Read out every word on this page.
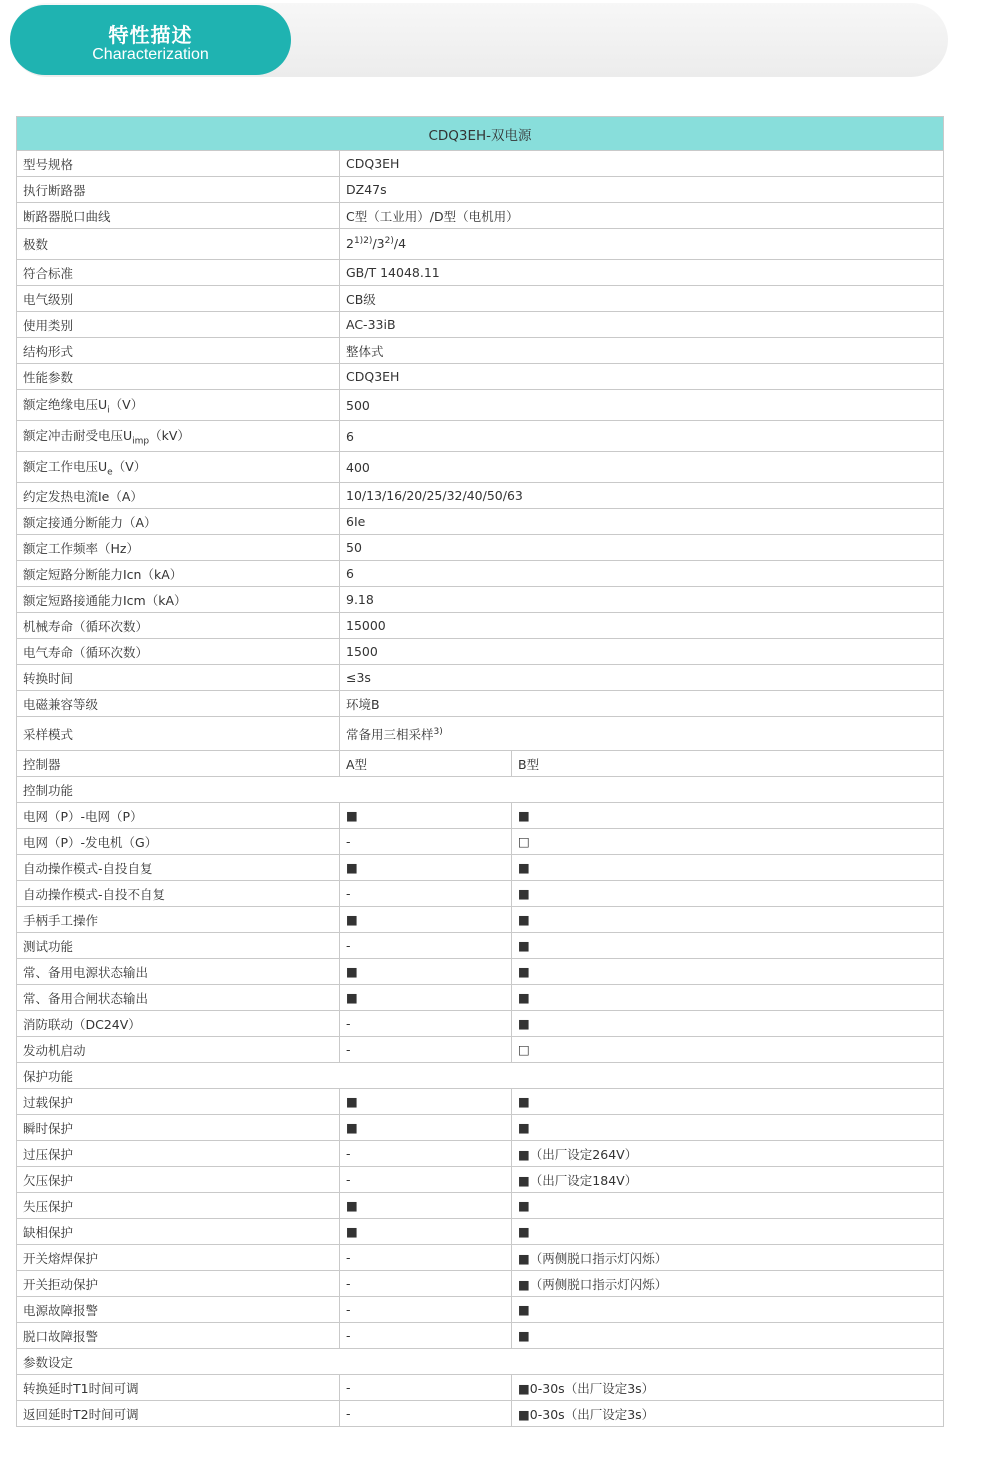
特性描述
Characterization
CDQ3EH-双电源		
型号规格	CDQ3EH	
执行断路器	DZ47s	
断路器脱口曲线	C型（工业用）/D型（电机用）	
极数	$2^{1)2)}/3^{2)}/4$	
符合标准	GB/T 14048.11	
电气级别	CB级	
使用类别	AC-33iB	
结构形式	整体式	
性能参数	CDQ3EH	
额定绝缘电压$U_i(V)$	500	
额定冲击耐受电压$U_{imp}(kV)$	6	
额定工作电压$U_e(V)$	400	
约定发热电流Ie（A）	10/13/16/20/25/32/40/50/63	
额定接通分断能力（A）	6Ie	
额定工作频率（Hz）	50	
额定短路分断能力Icn（kA）	6	
额定短路接通能力Icm（kA）	9.18	
机械寿命（循环次数）	15000	
电气寿命（循环次数）	1500	
转换时间	≤3s	
电磁兼容等级	环境B	
采样模式	常备用三相采样$^{3)}$
控制器	A型	B型
控制功能		
电网（P）-电网（P）	■	■
电网（P）-发电机（G）	-	□
自动操作模式-自投自复	■	■
自动操作模式-自投不自复	-	■
手柄手工操作	■	■
测试功能	-	■
常、备用电源状态输出	■	■
常、备用合闸状态输出	■	■
消防联动（DC24V）	-	■
发动机启动	-	□
保护功能		
过载保护	■	■
瞬时保护	■	■
过压保护	-	■（出厂设定264V）
欠压保护	-	■（出厂设定184V）
失压保护	■	■
缺相保护	■	■
开关熔焊保护	-	■（两侧脱口指示灯闪烁）
开关拒动保护	-	■（两侧脱口指示灯闪烁）
电源故障报警	-	■
脱口故障报警	-	■
参数设定		
转换延时T1时间可调	-	■0-30s（出厂设定3s）
返回延时T2时间可调	-	■0-30s（出厂设定3s）
